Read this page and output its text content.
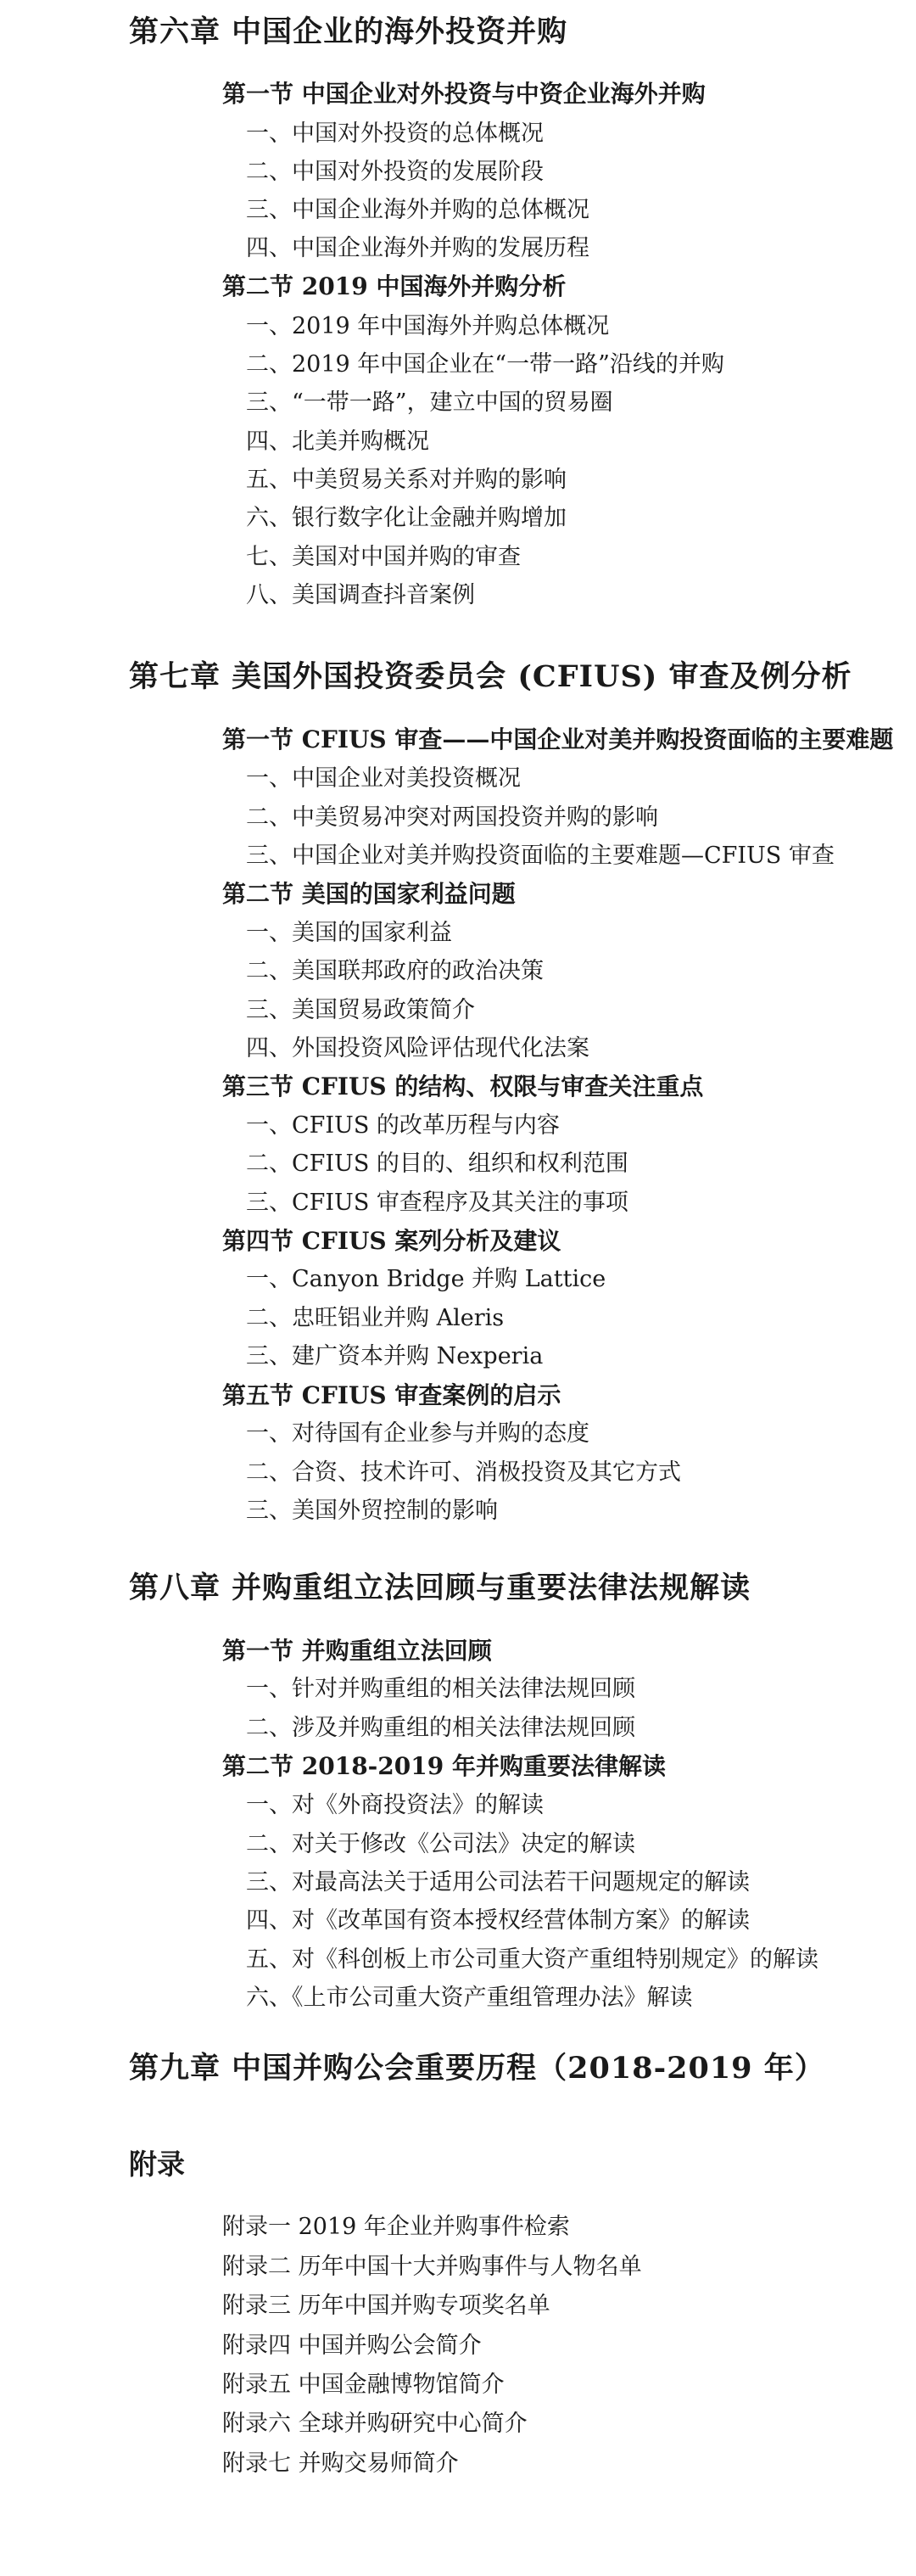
第六章 中国企业的海外投资并购
第一节 中国企业对外投资与中资企业海外并购
一、中国对外投资的总体概况
二、中国对外投资的发展阶段
三、中国企业海外并购的总体概况
四、中国企业海外并购的发展历程
第二节 2019 中国海外并购分析
一、2019 年中国海外并购总体概况
二、2019 年中国企业在“一带一路”沿线的并购
三、“一带一路”，建立中国的贸易圈
四、北美并购概况
五、中美贸易关系对并购的影响
六、银行数字化让金融并购增加
七、美国对中国并购的审查
八、美国调查抖音案例
第七章 美国外国投资委员会 (CFIUS) 审查及例分析
第一节 CFIUS 审查——中国企业对美并购投资面临的主要难题
一、中国企业对美投资概况
二、中美贸易冲突对两国投资并购的影响
三、中国企业对美并购投资面临的主要难题—CFIUS 审查
第二节 美国的国家利益问题
一、美国的国家利益
二、美国联邦政府的政治决策
三、美国贸易政策简介
四、外国投资风险评估现代化法案
第三节 CFIUS 的结构、权限与审查关注重点
一、CFIUS 的改革历程与内容
二、CFIUS 的目的、组织和权利范围
三、CFIUS 审查程序及其关注的事项
第四节 CFIUS 案列分析及建议
一、Canyon Bridge 并购 Lattice
二、忠旺铝业并购 Aleris
三、建广资本并购 Nexperia
第五节 CFIUS 审查案例的启示
一、对待国有企业参与并购的态度
二、合资、技术许可、消极投资及其它方式
三、美国外贸控制的影响
第八章 并购重组立法回顾与重要法律法规解读
第一节 并购重组立法回顾
一、针对并购重组的相关法律法规回顾
二、涉及并购重组的相关法律法规回顾
第二节 2018-2019 年并购重要法律解读
一、对《外商投资法》的解读
二、对关于修改《公司法》决定的解读
三、对最高法关于适用公司法若干问题规定的解读
四、对《改革国有资本授权经营体制方案》的解读
五、对《科创板上市公司重大资产重组特别规定》的解读
六、《上市公司重大资产重组管理办法》解读
第九章 中国并购公会重要历程（2018-2019 年）
附录
附录一 2019 年企业并购事件检索
附录二 历年中国十大并购事件与人物名单
附录三 历年中国并购专项奖名单
附录四 中国并购公会简介
附录五 中国金融博物馆简介
附录六 全球并购研究中心简介
附录七 并购交易师简介
